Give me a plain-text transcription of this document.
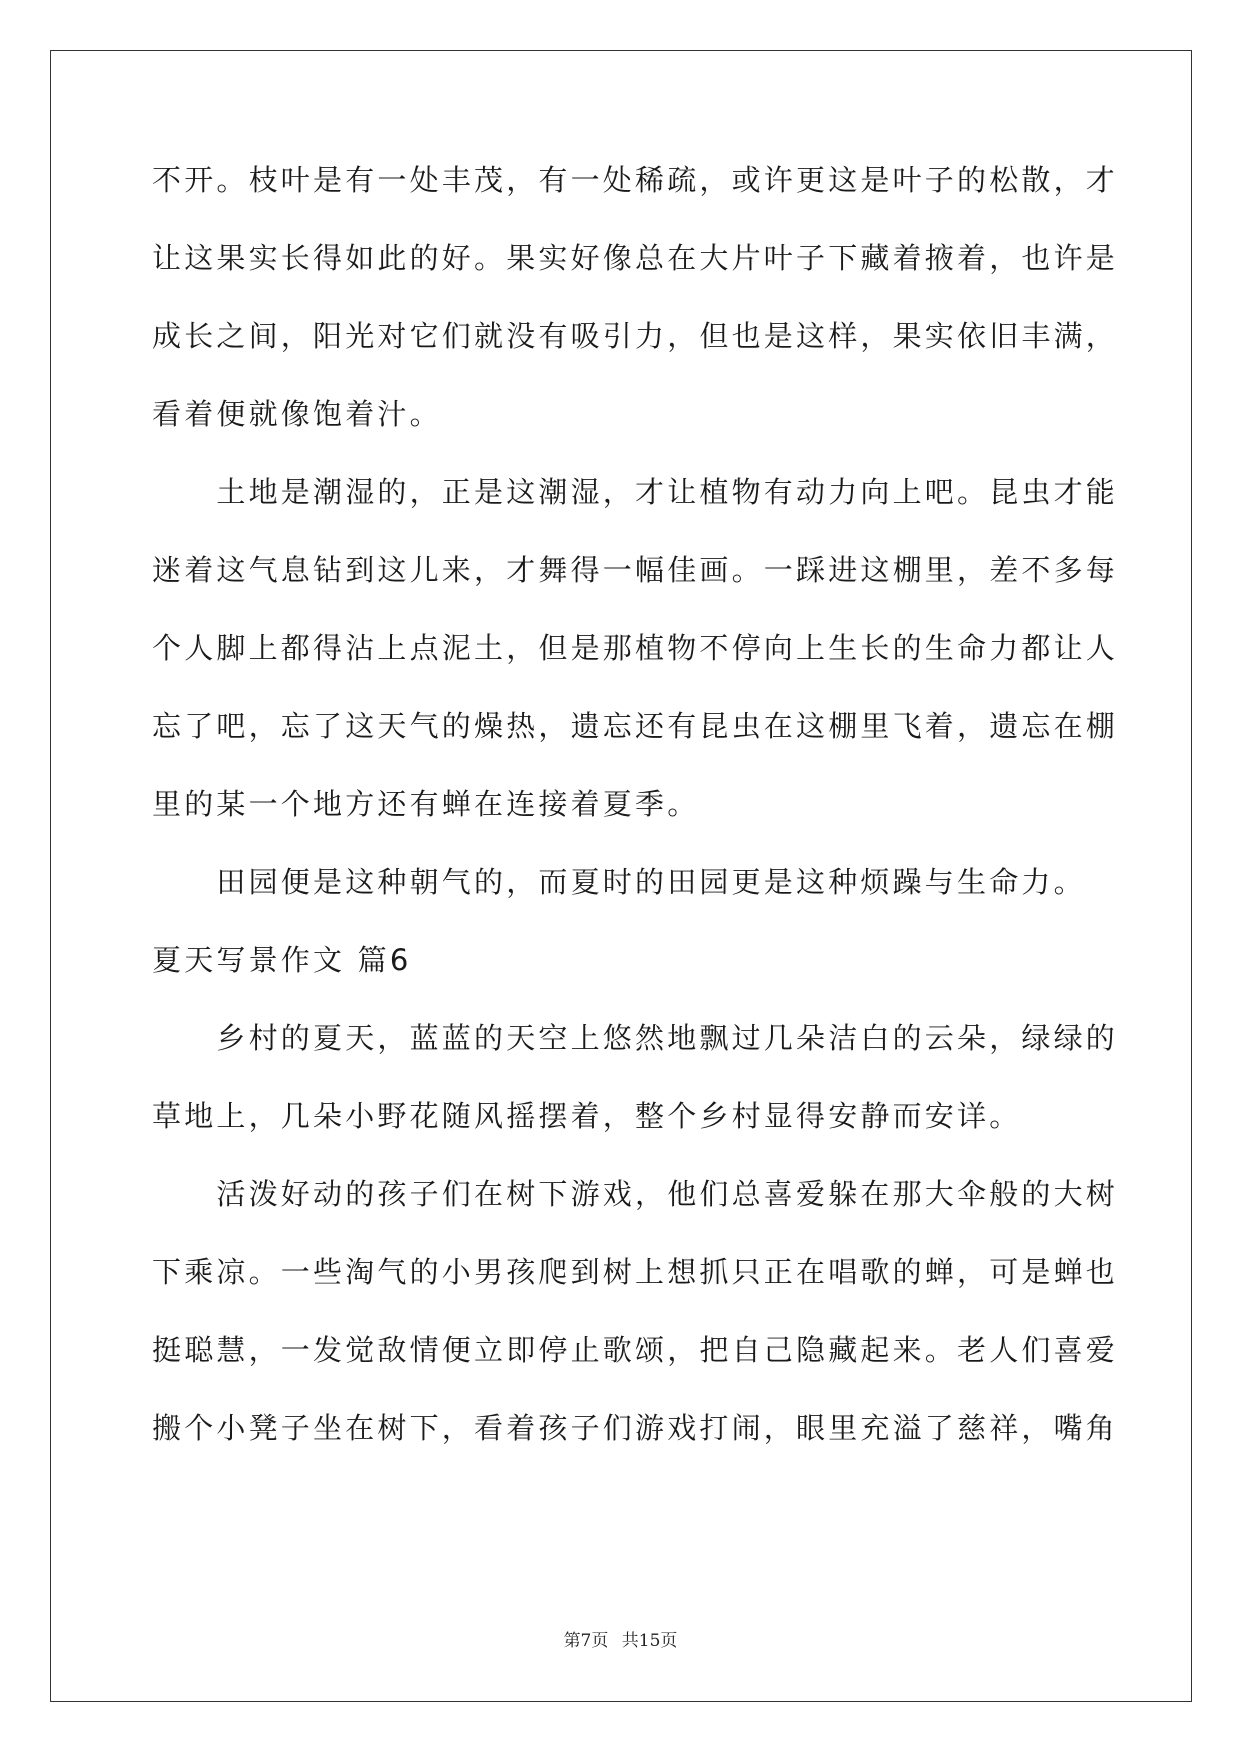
不开。枝叶是有一处丰茂，有一处稀疏，或许更这是叶子的松散，才
让这果实长得如此的好。果实好像总在大片叶子下藏着掖着，也许是
成长之间，阳光对它们就没有吸引力，但也是这样，果实依旧丰满，
看着便就像饱着汁。
　　土地是潮湿的，正是这潮湿，才让植物有动力向上吧。昆虫才能
迷着这气息钻到这儿来，才舞得一幅佳画。一踩进这棚里，差不多每
个人脚上都得沾上点泥土，但是那植物不停向上生长的生命力都让人
忘了吧，忘了这天气的燥热，遗忘还有昆虫在这棚里飞着，遗忘在棚
里的某一个地方还有蝉在连接着夏季。
　　田园便是这种朝气的，而夏时的田园更是这种烦躁与生命力。
夏天写景作文 篇6
　　乡村的夏天，蓝蓝的天空上悠然地飘过几朵洁白的云朵，绿绿的
草地上，几朵小野花随风摇摆着，整个乡村显得安静而安详。
　　活泼好动的孩子们在树下游戏，他们总喜爱躲在那大伞般的大树
下乘凉。一些淘气的小男孩爬到树上想抓只正在唱歌的蝉，可是蝉也
挺聪慧，一发觉敌情便立即停止歌颂，把自己隐藏起来。老人们喜爱
搬个小凳子坐在树下，看着孩子们游戏打闹，眼里充溢了慈祥，嘴角
第7页 共15页
